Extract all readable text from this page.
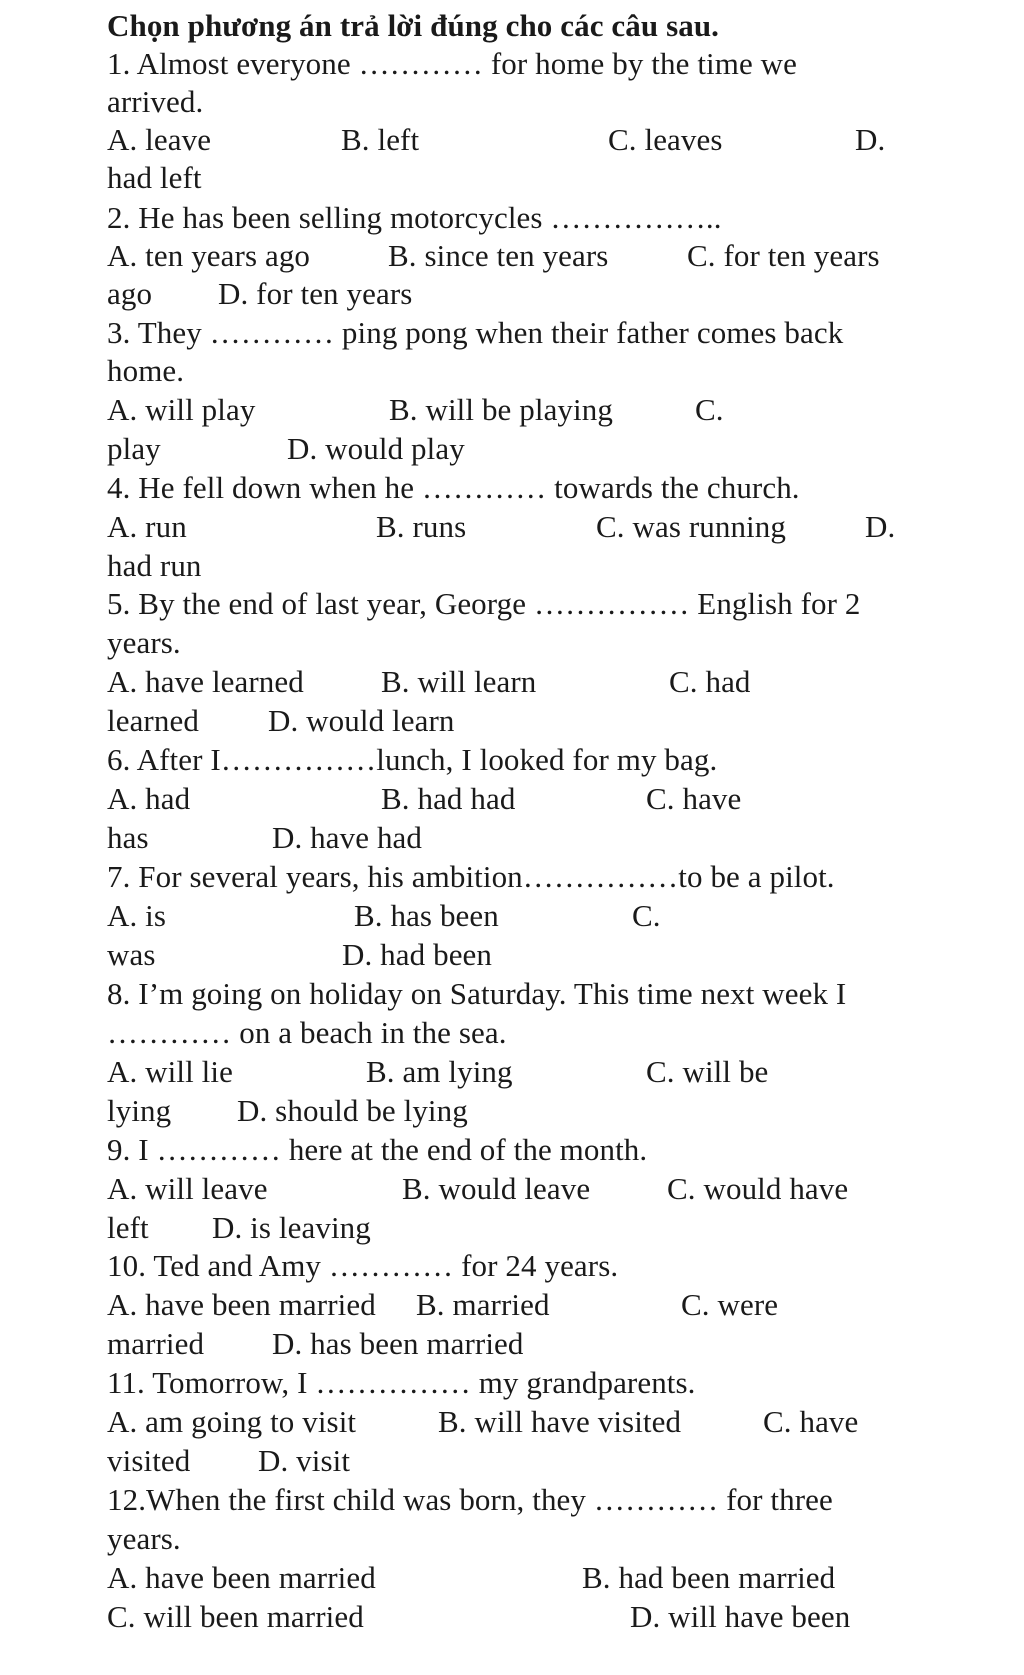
Chọn phương án trả lời đúng cho các câu sau.
1. Almost everyone ………… for home by the time we
arrived.
A. leave	B. left	C. leaves	D.
had left
2. He has been selling motorcycles ……………..
A. ten years ago	B. since ten years	C. for ten years
ago D. for ten years
3. They ………… ping pong when their father comes back
home.
A. will play	B. will be playing	C.
play	D. would play
4. He fell down when he ………… towards the church.
A. run	B. runs	C. was running	D.
had run
5. By the end of last year, George …………… English for 2
years.
A. have learned B. will learn	C. had
learned D. would learn
6. After I……………lunch, I looked for my bag.
A. had	B. had had	C. have
has	D. have had
7. For several years, his ambition……………to be a pilot.
A. is	B. has been	C.
was	D. had been
8. I’m going on holiday on Saturday. This time next week I
………… on a beach in the sea.
A. will lie	B. am lying	C. will be
lying D. should be lying
9. I ………… here at the end of the month.
A. will leave	B. would leave C. would have
left D. is leaving
10. Ted and Amy ………… for 24 years.
A. have been married B. married	C. were
married D. has been married
11. Tomorrow, I …………… my grandparents.
A. am going to visit	B. will have visited	C. have
visited D. visit
12.When the first child was born, they ………… for three
years.
A. have been married	B. had been married
C. will been married	D. will have been
